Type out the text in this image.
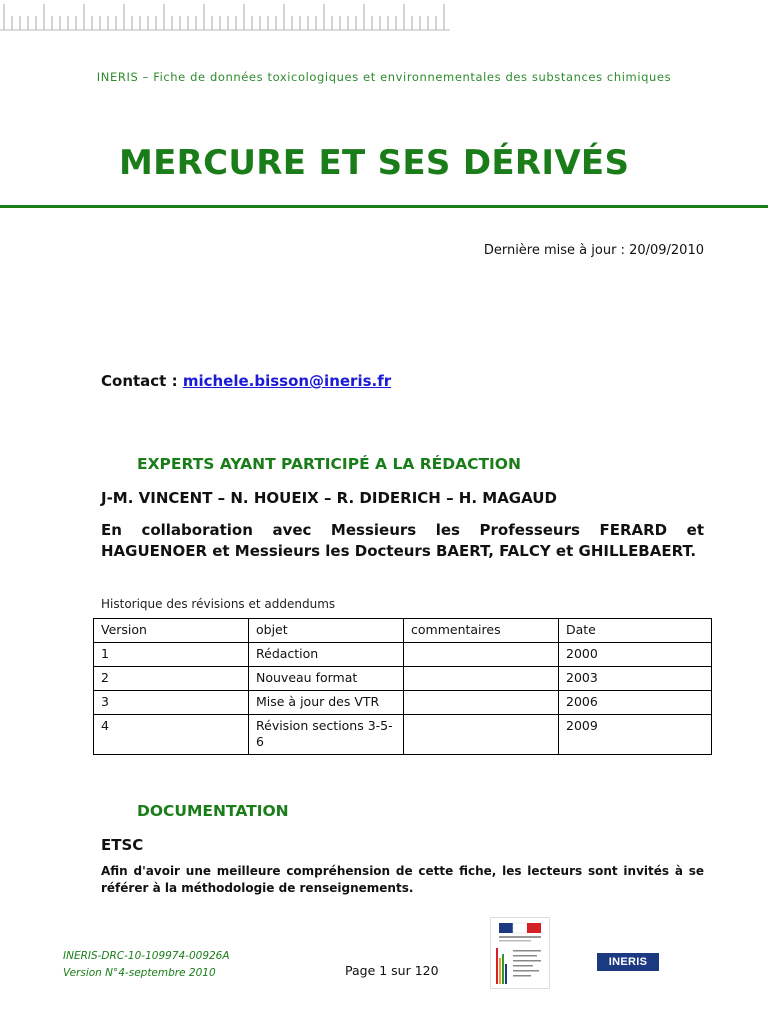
INERIS – Fiche de données toxicologiques et environnementales des substances chimiques
MERCURE ET SES DÉRIVÉS
Dernière mise à jour : 20/09/2010
Contact : michele.bisson@ineris.fr
EXPERTS AYANT PARTICIPÉ A LA RÉDACTION
J-M. VINCENT – N. HOUEIX – R. DIDERICH – H. MAGAUD

En collaboration avec Messieurs les Professeurs FERARD et HAGUENOER et Messieurs les Docteurs BAERT, FALCY et GHILLEBAERT.

Historique des révisions et addendums
Version	objet	commentaires	Date
1	Rédaction		2000
2	Nouveau format		2003
3	Mise à jour des VTR		2006
4	Révision sections 3-5-6		2009
DOCUMENTATION
ETSC

Afin d'avoir une meilleure compréhension de cette fiche, les lecteurs sont invités à se référer à la méthodologie de renseignements.

INERIS-DRC-10-109974-00926A
Version N°4-septembre 2010	Page 1 sur 120
INERIS
